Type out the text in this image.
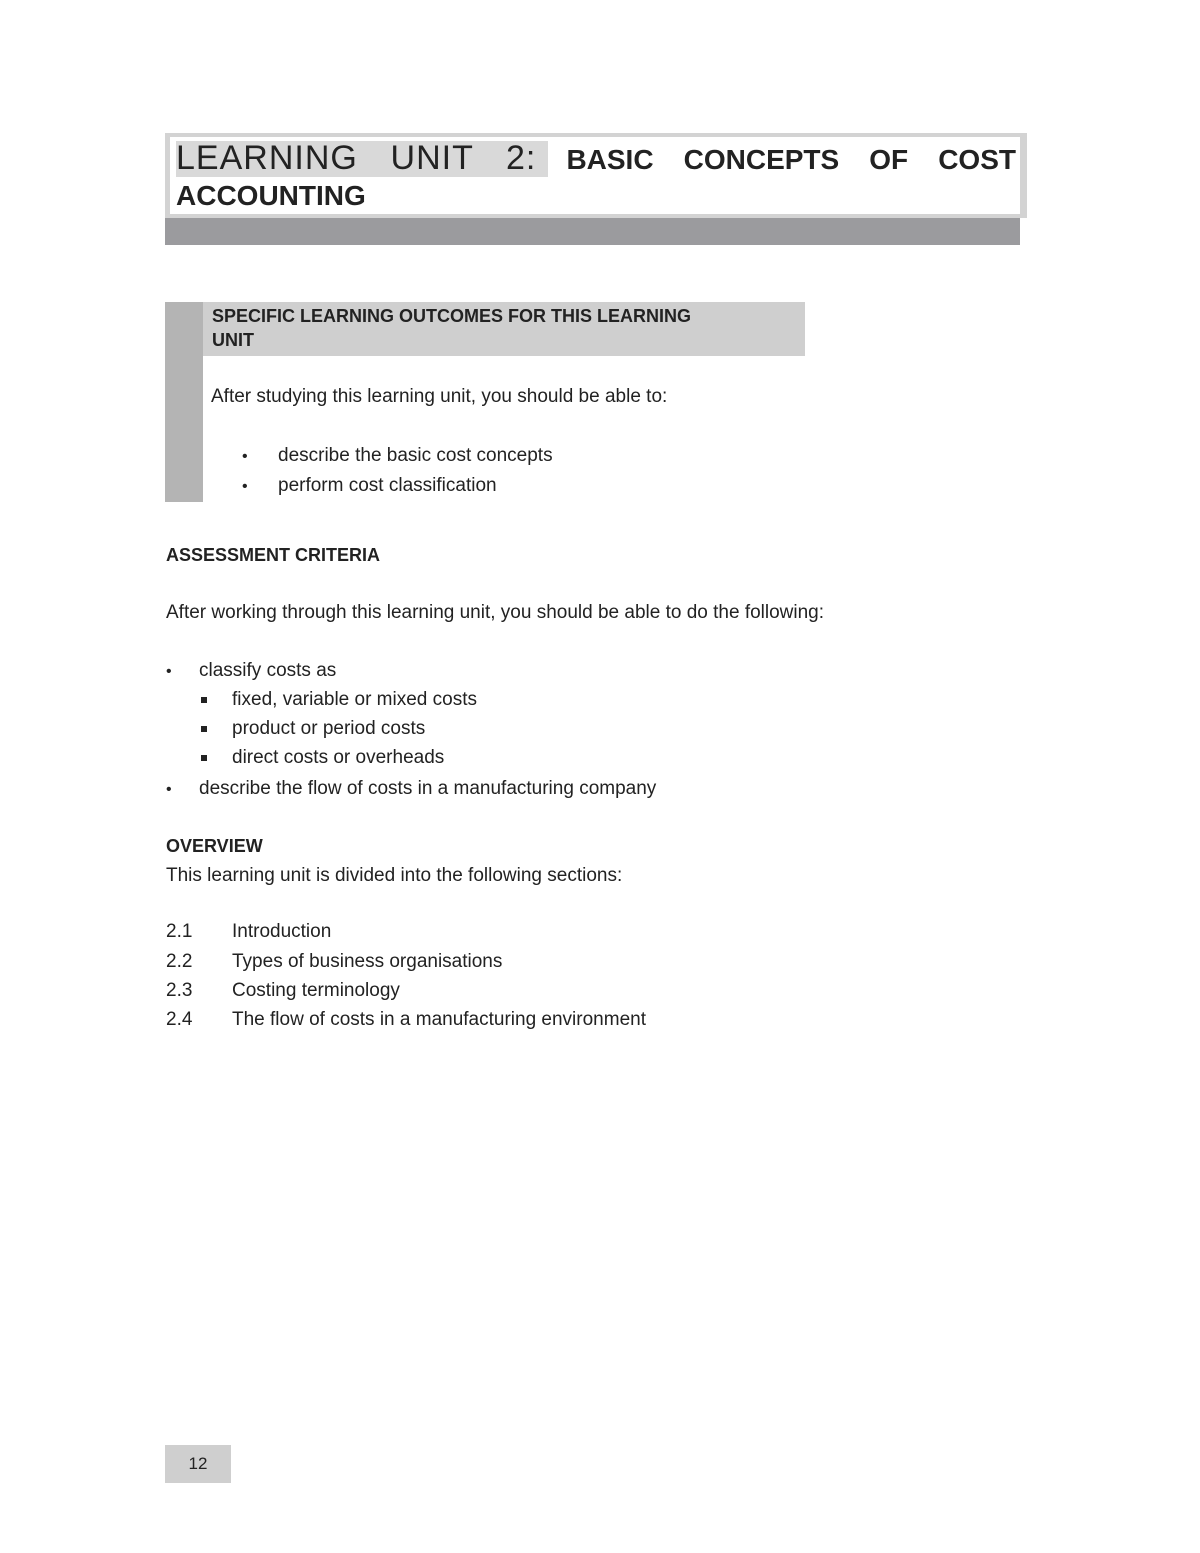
LEARNING UNIT 2: BASIC CONCEPTS OF COST ACCOUNTING

SPECIFIC LEARNING OUTCOMES FOR THIS LEARNING
UNIT
After studying this learning unit, you should be able to:
• describe the basic cost concepts
• perform cost classification
ASSESSMENT CRITERIA
After working through this learning unit, you should be able to do the following:
• classify costs as
fixed, variable or mixed costs
product or period costs
direct costs or overheads
• describe the flow of costs in a manufacturing company
OVERVIEW
This learning unit is divided into the following sections:
2.1 Introduction
2.2 Types of business organisations
2.3 Costing terminology
2.4 The flow of costs in a manufacturing environment
12
